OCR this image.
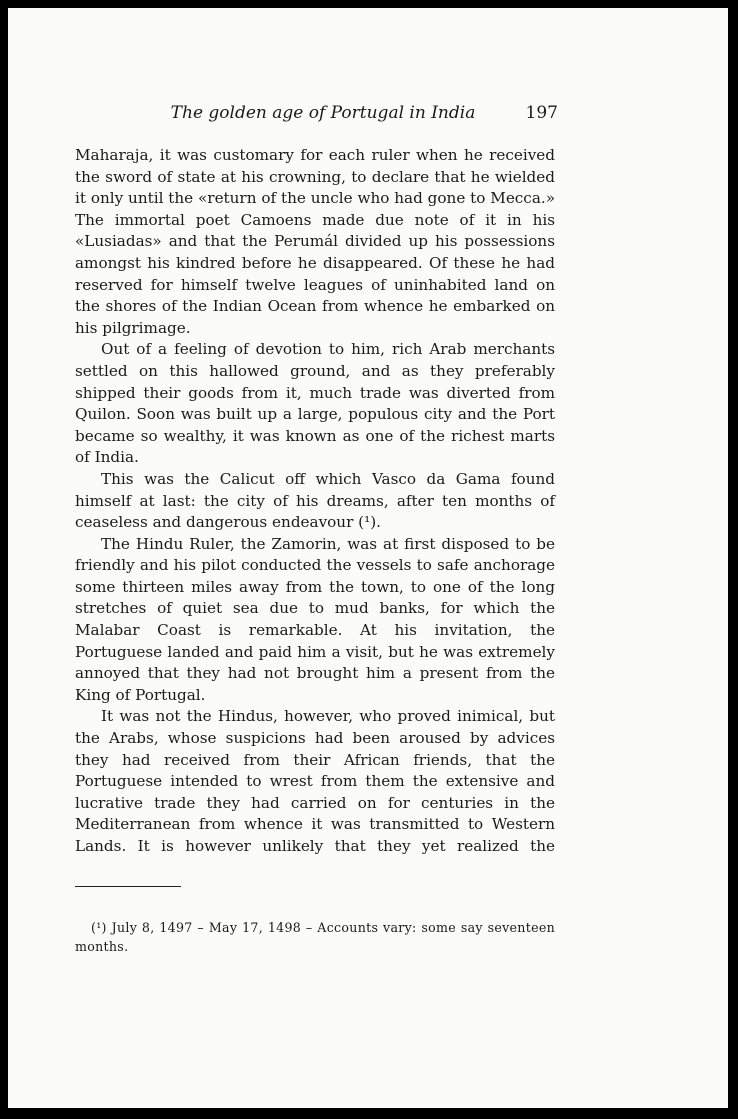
The golden age of Portugal in India	197

Maharaja, it was customary for each ruler when he received the sword of state at his crowning, to declare that he wielded it only until the «return of the uncle who had gone to Mecca.» The immortal poet Camoens made due note of it in his «Lusiadas» and that the Perumál divided up his possessions amongst his kindred before he disappeared. Of these he had reserved for himself twelve leagues of uninhabited land on the shores of the Indian Ocean from whence he embarked on his pilgrimage.

Out of a feeling of devotion to him, rich Arab merchants settled on this hallowed ground, and as they preferably shipped their goods from it, much trade was diverted from Quilon. Soon was built up a large, populous city and the Port became so wealthy, it was known as one of the richest marts of India.

This was the Calicut off which Vasco da Gama found himself at last: the city of his dreams, after ten months of ceaseless and dangerous endeavour (¹).

The Hindu Ruler, the Zamorin, was at first disposed to be friendly and his pilot conducted the vessels to safe anchorage some thirteen miles away from the town, to one of the long stretches of quiet sea due to mud banks, for which the Malabar Coast is remarkable. At his invitation, the Portuguese landed and paid him a visit, but he was extremely annoyed that they had not brought him a present from the King of Portugal.

It was not the Hindus, however, who proved inimical, but the Arabs, whose suspicions had been aroused by advices they had received from their African friends, that the Portuguese intended to wrest from them the extensive and lucrative trade they had carried on for centuries in the Mediterranean from whence it was transmitted to Western Lands. It is however unlikely that they yet realized the

(¹) July 8, 1497 – May 17, 1498 – Accounts vary: some say seventeen months.
